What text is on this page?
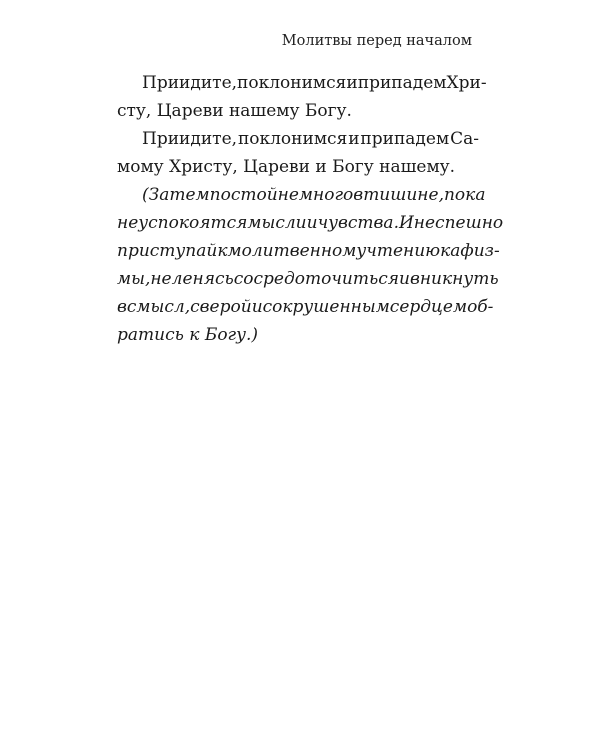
Молитвы перед началом
Приидите, поклонимся и припадем Хри-
сту, Цареви нашему Богу.
Приидите, поклонимся и припадем Са-
мому Христу, Цареви и Богу нашему.
(Затем постой немного в тишине, пока
не успокоятся мысли и чувства. И неспешно
приступай к молитвенному чтению кафиз-
мы, не ленясь сосредоточиться и вникнуть
в смысл, с верой и сокрушенным сердцем об-
ратись к Богу.)
